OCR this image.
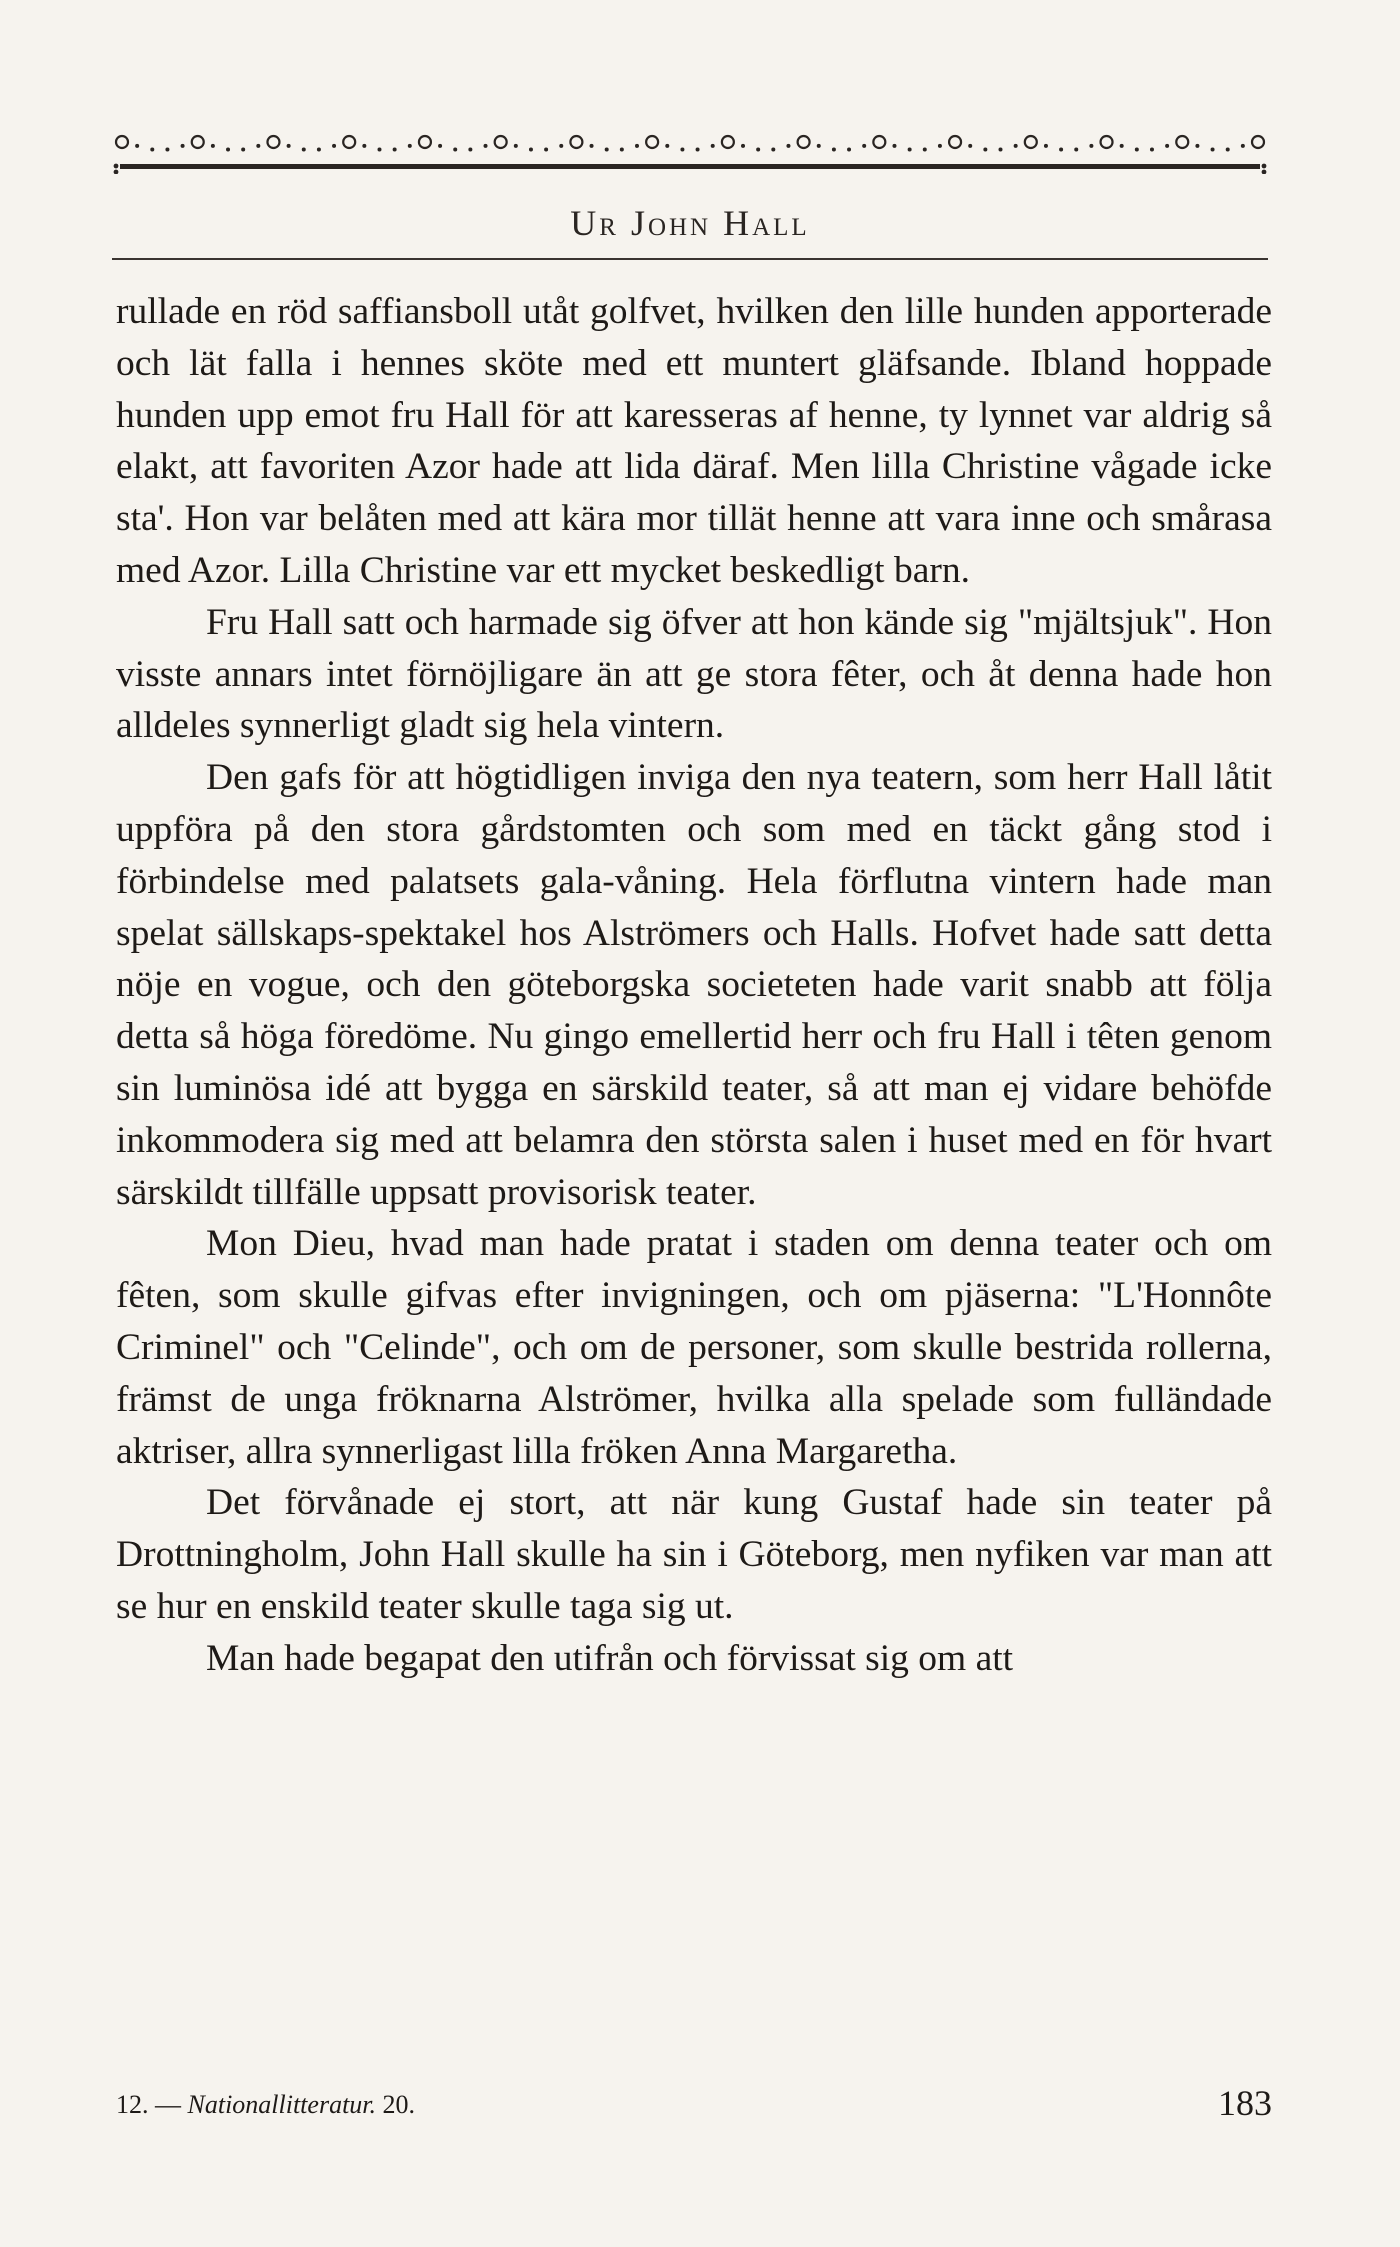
Ur John Hall

rullade en röd saffiansboll utåt golfvet, hvilken den lille hunden apporterade och lät falla i hennes sköte med ett muntert gläfsande. Ibland hoppade hunden upp emot fru Hall för att karesseras af henne, ty lynnet var aldrig så elakt, att favoriten Azor hade att lida däraf. Men lilla Christine vågade icke sta'. Hon var belåten med att kära mor tillät henne att vara inne och smårasa med Azor. Lilla Christine var ett mycket beskedligt barn.

Fru Hall satt och harmade sig öfver att hon kände sig "mjältsjuk". Hon visste annars intet förnöjligare än att ge stora fêter, och åt denna hade hon alldeles synnerligt gladt sig hela vintern.

Den gafs för att högtidligen inviga den nya teatern, som herr Hall låtit uppföra på den stora gårdstomten och som med en täckt gång stod i förbindelse med palatsets gala-våning. Hela förflutna vintern hade man spelat sällskaps-spektakel hos Alströmers och Halls. Hofvet hade satt detta nöje en vogue, och den göteborgska societeten hade varit snabb att följa detta så höga föredöme. Nu gingo emellertid herr och fru Hall i têten genom sin luminösa idé att bygga en särskild teater, så att man ej vidare behöfde inkommodera sig med att belamra den största salen i huset med en för hvart särskildt tillfälle uppsatt provisorisk teater.

Mon Dieu, hvad man hade pratat i staden om denna teater och om fêten, som skulle gifvas efter invigningen, och om pjäserna: "L'Honnôte Criminel" och "Celinde", och om de personer, som skulle bestrida rollerna, främst de unga fröknarna Alströmer, hvilka alla spelade som fulländade aktriser, allra synnerligast lilla fröken Anna Margaretha.

Det förvånade ej stort, att när kung Gustaf hade sin teater på Drottningholm, John Hall skulle ha sin i Göteborg, men nyfiken var man att se hur en enskild teater skulle taga sig ut.

Man hade begapat den utifrån och förvissat sig om att

12. — Nationallitteratur. 20.	183
